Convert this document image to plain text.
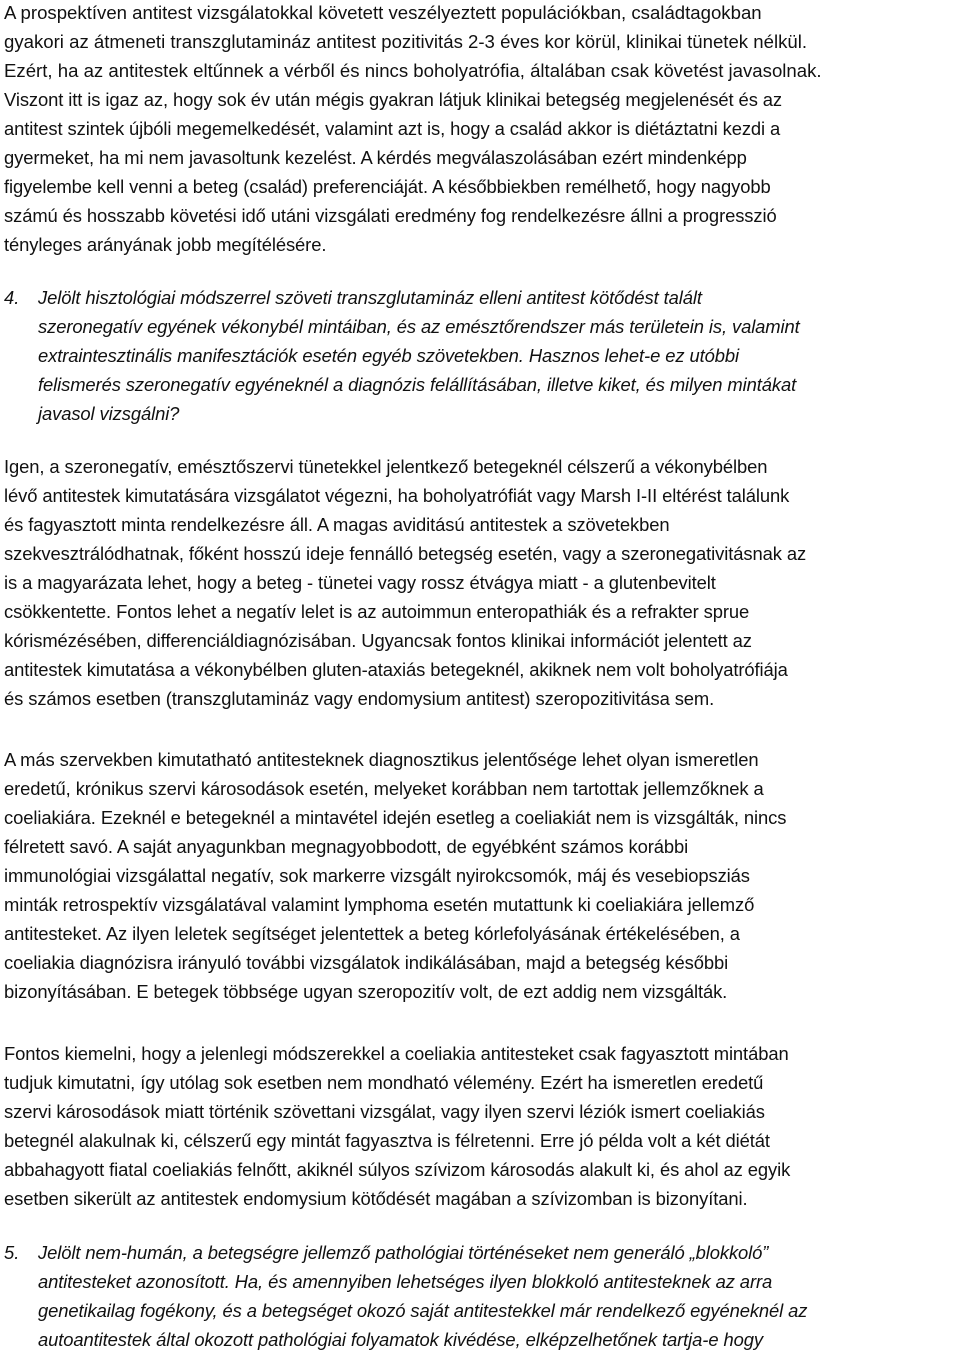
A prospektíven antitest vizsgálatokkal követett veszélyeztett populációkban, családtagokban
gyakori az átmeneti transzglutamináz antitest pozitivitás 2-3 éves kor körül, klinikai tünetek nélkül.
Ezért, ha az antitestek eltűnnek a vérből és nincs boholyatrófia, általában csak követést javasolnak.
Viszont itt is igaz az, hogy sok év után mégis gyakran látjuk klinikai betegség megjelenését és az
antitest szintek újbóli megemelkedését, valamint azt is, hogy a család akkor is diétáztatni kezdi a
gyermeket, ha mi nem javasoltunk kezelést. A kérdés megválaszolásában ezért mindenképp
figyelembe kell venni a beteg (család) preferenciáját. A későbbiekben remélhető, hogy nagyobb
számú és hosszabb követési idő utáni vizsgálati eredmény fog rendelkezésre állni a progresszió
tényleges arányának jobb megítélésére.
4. Jelölt hisztológiai módszerrel szöveti transzglutamináz elleni antitest kötődést talált
szeronegatív egyének vékonybél mintáiban, és az emésztőrendszer más területein is, valamint
extraintesztinális manifesztációk esetén egyéb szövetekben. Hasznos lehet-e ez utóbbi
felismerés szeronegatív egyéneknél a diagnózis felállításában, illetve kiket, és milyen mintákat
javasol vizsgálni?
Igen, a szeronegatív, emésztőszervi tünetekkel jelentkező betegeknél célszerű a vékonybélben
lévő antitestek kimutatására vizsgálatot végezni, ha boholyatrófiát vagy Marsh I-II eltérést találunk
és fagyasztott minta rendelkezésre áll. A magas aviditású antitestek a szövetekben
szekvesztrálódhatnak, főként hosszú ideje fennálló betegség esetén, vagy a szeronegativitásnak az
is a magyarázata lehet, hogy a beteg - tünetei vagy rossz étvágya miatt - a glutenbevitelt
csökkentette. Fontos lehet a negatív lelet is az autoimmun enteropathiák és a refrakter sprue
kórismézésében, differenciáldiagnózisában. Ugyancsak fontos klinikai információt jelentett az
antitestek kimutatása a vékonybélben gluten-ataxiás betegeknél, akiknek nem volt boholyatrófiája
és számos esetben (transzglutamináz vagy endomysium antitest) szeropozitivitása sem.
A más szervekben kimutatható antitesteknek diagnosztikus jelentősége lehet olyan ismeretlen
eredetű, krónikus szervi károsodások esetén, melyeket korábban nem tartottak jellemzőknek a
coeliakiára. Ezeknél e betegeknél a mintavétel idején esetleg a coeliakiát nem is vizsgálták, nincs
félretett savó. A saját anyagunkban megnagyobbodott, de egyébként számos korábbi
immunológiai vizsgálattal negatív, sok markerre vizsgált nyirokcsomók, máj és vesebiopsziás
minták retrospektív vizsgálatával valamint lymphoma esetén mutattunk ki coeliakiára jellemző
antitesteket. Az ilyen leletek segítséget jelentettek a beteg kórlefolyásának értékelésében, a
coeliakia diagnózisra irányuló további vizsgálatok indikálásában, majd a betegség későbbi
bizonyításában. E betegek többsége ugyan szeropozitív volt, de ezt addig nem vizsgálták.
Fontos kiemelni, hogy a jelenlegi módszerekkel a coeliakia antitesteket csak fagyasztott mintában
tudjuk kimutatni, így utólag sok esetben nem mondható vélemény. Ezért ha ismeretlen eredetű
szervi károsodások miatt történik szövettani vizsgálat, vagy ilyen szervi léziók ismert coeliakiás
betegnél alakulnak ki, célszerű egy mintát fagyasztva is félretenni. Erre jó példa volt a két diétát
abbahagyott fiatal coeliakiás felnőtt, akiknél súlyos szívizom károsodás alakult ki, és ahol az egyik
esetben sikerült az antitestek endomysium kötődését magában a szívizomban is bizonyítani.
5. Jelölt nem-humán, a betegségre jellemző pathológiai történéseket nem generáló „blokkoló”
antitesteket azonosított. Ha, és amennyiben lehetséges ilyen blokkoló antitesteknek az arra
genetikailag fogékony, és a betegséget okozó saját antitestekkel már rendelkező egyéneknél az
autoantitestek által okozott pathológiai folyamatok kivédése, elképzelhetőnek tartja-e hogy
